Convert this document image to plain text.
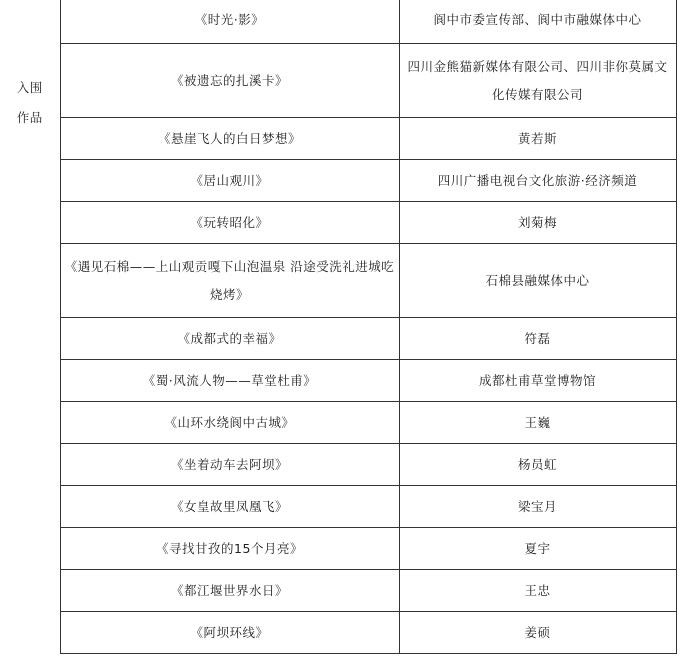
入围作品	《时光·影》	阆中市委宣传部、阆中市融媒体中心
	《被遗忘的扎溪卡》	四川金熊猫新媒体有限公司、四川非你莫属文化传媒有限公司
	《悬崖飞人的白日梦想》	黄若斯
	《居山观川》	四川广播电视台文化旅游·经济频道
	《玩转昭化》	刘菊梅
	《遇见石棉——上山观贡嘎下山泡温泉 沿途受洗礼进城吃烧烤》	石棉县融媒体中心
	《成都式的幸福》	符磊
	《蜀·风流人物——草堂杜甫》	成都杜甫草堂博物馆
	《山环水绕阆中古城》	王巍
	《坐着动车去阿坝》	杨员虹
	《女皇故里凤凰飞》	梁宝月
	《寻找甘孜的15个月亮》	夏宇
	《都江堰世界水日》	王忠
	《阿坝环线》	姜硕
